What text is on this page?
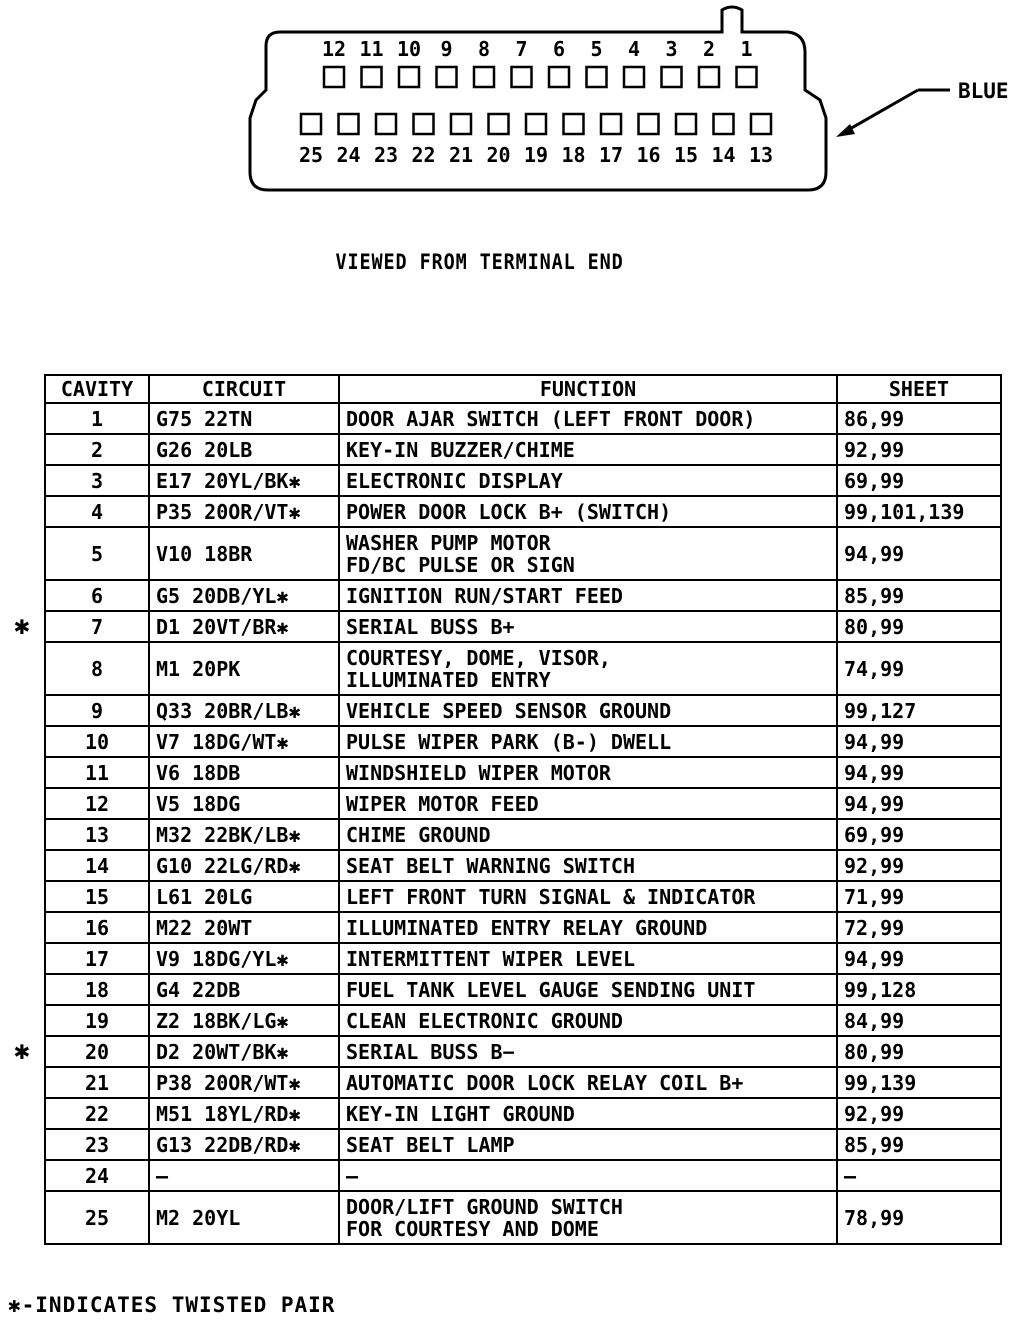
12 11 10 9 8 7 6 5 4 3 2 1
25 24 23 22 21 20 19 18 17 16 15 14 13
BLUE
VIEWED FROM TERMINAL END
CAVITY	CIRCUIT	FUNCTION	SHEET
1	G75 22TN	DOOR AJAR SWITCH (LEFT FRONT DOOR)	86,99
2	G26 20LB	KEY-IN BUZZER/CHIME	92,99
3	E17 20YL/BK✱	ELECTRONIC DISPLAY	69,99
4	P35 20OR/VT✱	POWER DOOR LOCK B+ (SWITCH)	99,101,139
5	V10 18BR	WASHER PUMP MOTOR
FD/BC PULSE OR SIGN	94,99
6	G5 20DB/YL✱	IGNITION RUN/START FEED	85,99
7	D1 20VT/BR✱	SERIAL BUSS B+	80,99
8	M1 20PK	COURTESY, DOME, VISOR,
ILLUMINATED ENTRY	74,99
9	Q33 20BR/LB✱	VEHICLE SPEED SENSOR GROUND	99,127
10	V7 18DG/WT✱	PULSE WIPER PARK (B-) DWELL	94,99
11	V6 18DB	WINDSHIELD WIPER MOTOR	94,99
12	V5 18DG	WIPER MOTOR FEED	94,99
13	M32 22BK/LB✱	CHIME GROUND	69,99
14	G10 22LG/RD✱	SEAT BELT WARNING SWITCH	92,99
15	L61 20LG	LEFT FRONT TURN SIGNAL & INDICATOR	71,99
16	M22 20WT	ILLUMINATED ENTRY RELAY GROUND	72,99
17	V9 18DG/YL✱	INTERMITTENT WIPER LEVEL	94,99
18	G4 22DB	FUEL TANK LEVEL GAUGE SENDING UNIT	99,128
19	Z2 18BK/LG✱	CLEAN ELECTRONIC GROUND	84,99
20	D2 20WT/BK✱	SERIAL BUSS B−	80,99
21	P38 20OR/WT✱	AUTOMATIC DOOR LOCK RELAY COIL B+	99,139
22	M51 18YL/RD✱	KEY-IN LIGHT GROUND	92,99
23	G13 22DB/RD✱	SEAT BELT LAMP	85,99
24	—	—	—
25	M2 20YL	DOOR/LIFT GROUND SWITCH
FOR COURTESY AND DOME	78,99
✱
✱
✱-INDICATES TWISTED PAIR
